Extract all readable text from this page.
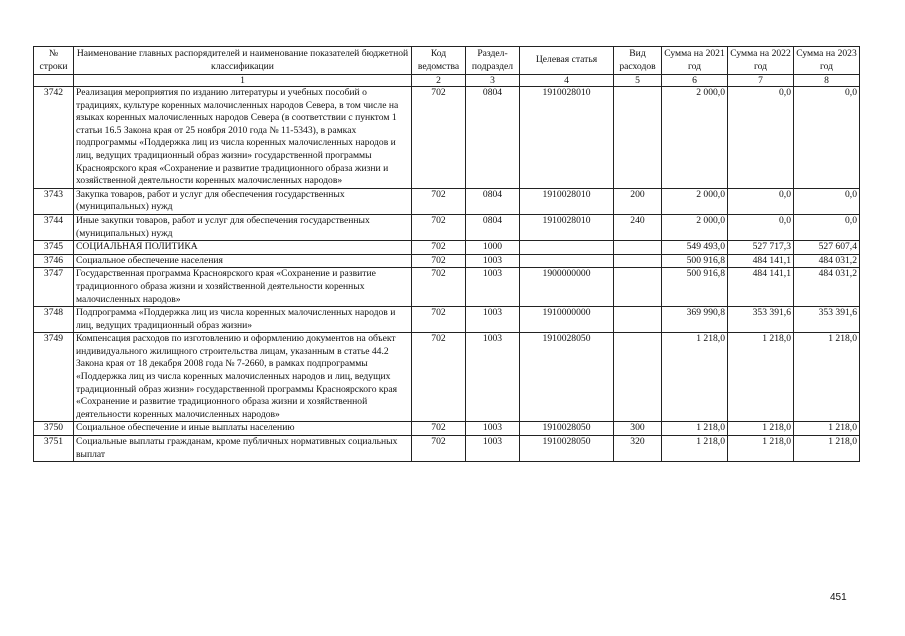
№ строки	Наименование главных распорядителей и наименование показателей бюджетной классификации	Код ведомства	Раздел-подраздел	Целевая статья	Вид расходов	Сумма на 2021 год	Сумма на 2022 год	Сумма на 2023 год
	1	2	3	4	5	6	7	8
3742	Реализация мероприятия по изданию литературы и учебных пособий о традициях, культуре коренных малочисленных народов Севера, в том числе на языках коренных малочисленных народов Севера (в соответствии с пунктом 1 статьи 16.5 Закона края от 25 ноября 2010 года № 11-5343), в рамках подпрограммы «Поддержка лиц из числа коренных малочисленных народов и лиц, ведущих традиционный образ жизни» государственной программы Красноярского края «Сохранение и развитие традиционного образа жизни и хозяйственной деятельности коренных малочисленных народов»	702	0804	1910028010		2 000,0	0,0	0,0
3743	Закупка товаров, работ и услуг для обеспечения государственных (муниципальных) нужд	702	0804	1910028010	200	2 000,0	0,0	0,0
3744	Иные закупки товаров, работ и услуг для обеспечения государственных (муниципальных) нужд	702	0804	1910028010	240	2 000,0	0,0	0,0
3745	СОЦИАЛЬНАЯ ПОЛИТИКА	702	1000			549 493,0	527 717,3	527 607,4
3746	Социальное обеспечение населения	702	1003			500 916,8	484 141,1	484 031,2
3747	Государственная программа Красноярского края «Сохранение и развитие традиционного образа жизни и хозяйственной деятельности коренных малочисленных народов»	702	1003	1900000000		500 916,8	484 141,1	484 031,2
3748	Подпрограмма «Поддержка лиц из числа коренных малочисленных народов и лиц, ведущих традиционный образ жизни»	702	1003	1910000000		369 990,8	353 391,6	353 391,6
3749	Компенсация расходов по изготовлению и оформлению документов на объект индивидуального жилищного строительства лицам, указанным в статье 44.2 Закона края от 18 декабря 2008 года № 7-2660, в рамках подпрограммы «Поддержка лиц из числа коренных малочисленных народов и лиц, ведущих традиционный образ жизни» государственной программы Красноярского края «Сохранение и развитие традиционного образа жизни и хозяйственной деятельности коренных малочисленных народов»	702	1003	1910028050		1 218,0	1 218,0	1 218,0
3750	Социальное обеспечение и иные выплаты населению	702	1003	1910028050	300	1 218,0	1 218,0	1 218,0
3751	Социальные выплаты гражданам, кроме публичных нормативных социальных выплат	702	1003	1910028050	320	1 218,0	1 218,0	1 218,0
451
